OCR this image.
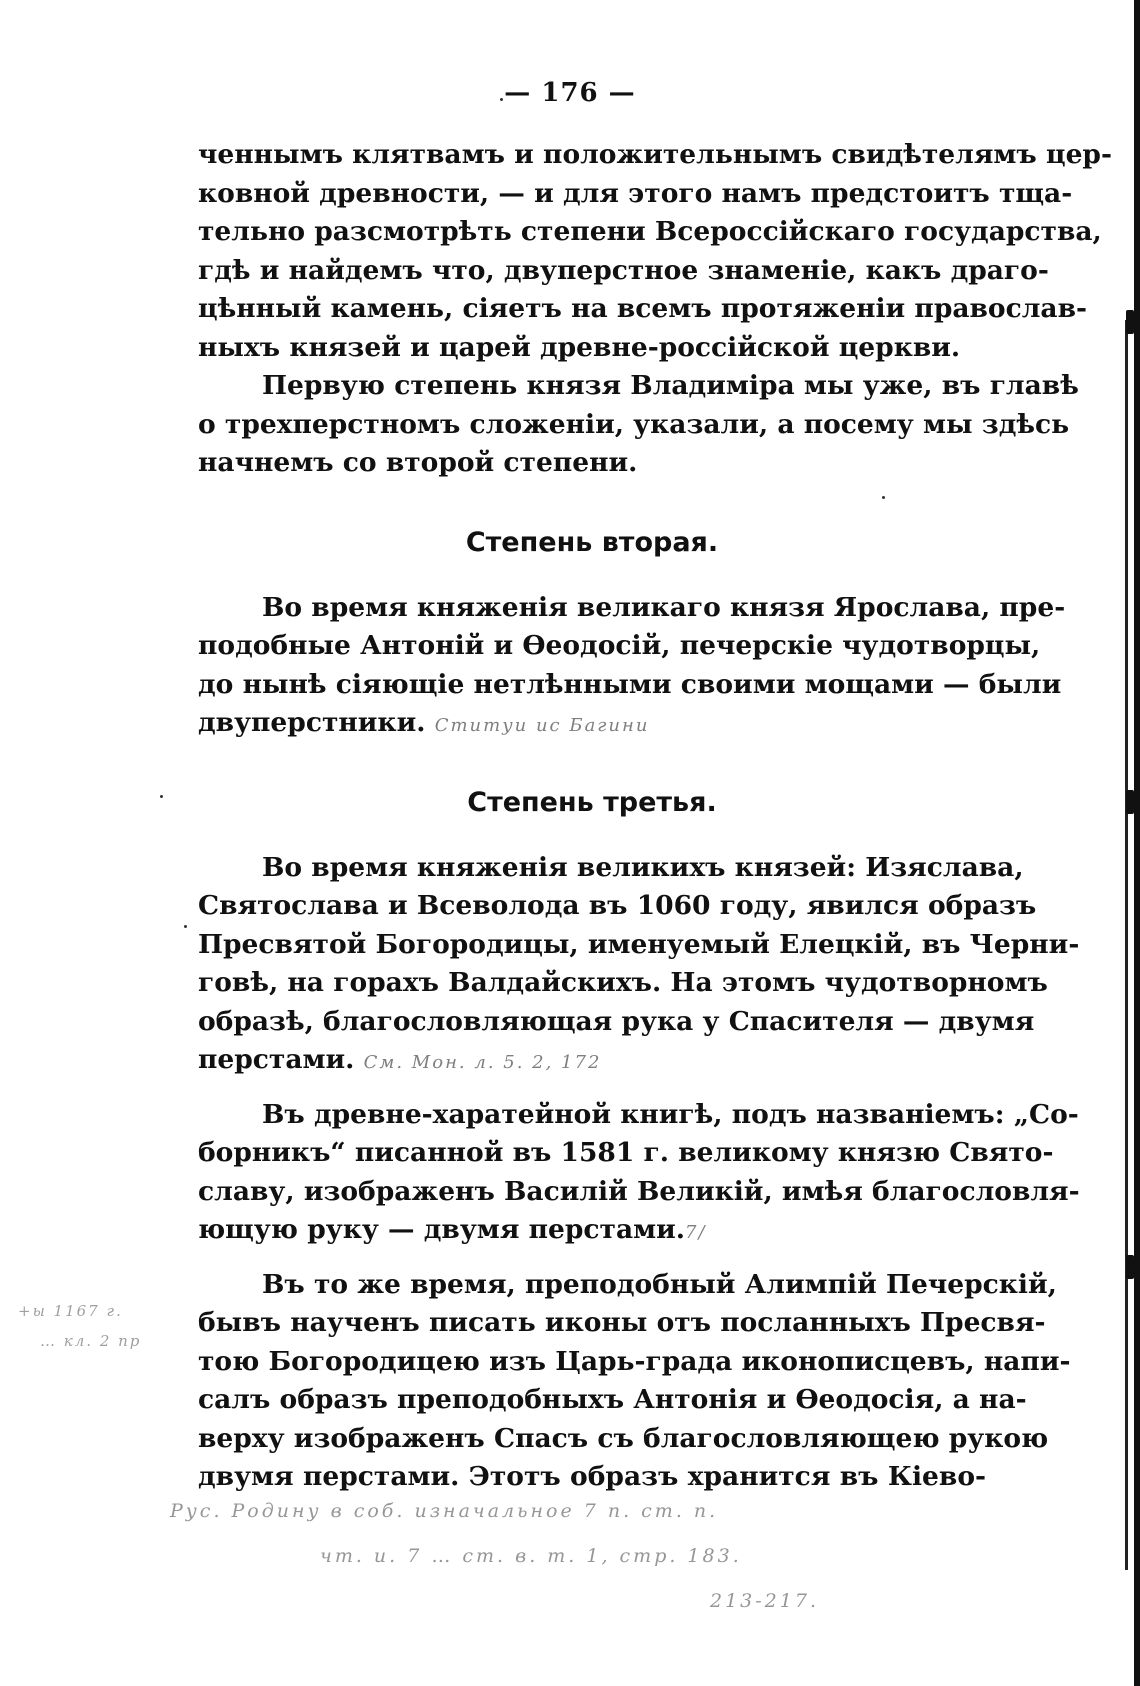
— 176 —
ченнымъ клятвамъ и положительнымъ свидѣтелямъ цер-
ковной древности, — и для этого намъ предстоитъ тща-
тельно разсмотрѣть степени Всероссійскаго государства,
гдѣ и найдемъ что, двуперстное знаменіе, какъ драго-
цѣнный камень, сіяетъ на всемъ протяженіи православ-
ныхъ князей и царей древне-россійской церкви.
Первую степень князя Владиміра мы уже, въ главѣ
о трехперстномъ сложеніи, указали, а посему мы здѣсь
начнемъ со второй степени.
Степень вторая.
Во время княженія великаго князя Ярослава, пре-
подобные Антоній и Ѳеодосій, печерскіе чудотворцы,
до нынѣ сіяющіе нетлѣнными своими мощами — были
двуперстники. Ституи ис Багини
Степень третья.
Во время княженія великихъ князей: Изяслава,
Святослава и Всеволода въ 1060 году, явился образъ
Пресвятой Богородицы, именуемый Елецкій, въ Черни-
говѣ, на горахъ Валдайскихъ. На этомъ чудотворномъ
образѣ, благословляющая рука у Спасителя — двумя
перстами. См. Мон. л. 5. 2, 172
Въ древне-харатейной книгѣ, подъ названіемъ: „Со-
борникъ“ писанной въ 1581 г. великому князю Свято-
славу, изображенъ Василій Великій, имѣя благословля-
ющую руку — двумя перстами.7/
Въ то же время, преподобный Алимпій Печерскій,
бывъ наученъ писать иконы отъ посланныхъ Пресвя-
тою Богородицею изъ Царь-града иконописцевъ, напи-
салъ образъ преподобныхъ Антонія и Ѳеодосія, а на-
верху изображенъ Спасъ съ благословляющею рукою
двумя перстами. Этотъ образъ хранится въ Кіево-
+ы 1167 г.
… кл. 2 пр
Рус. Родину в соб. изначальное 7 п. ст. п.
чт. и. 7 … ст. в. т. 1, стр. 183.
213-217.
